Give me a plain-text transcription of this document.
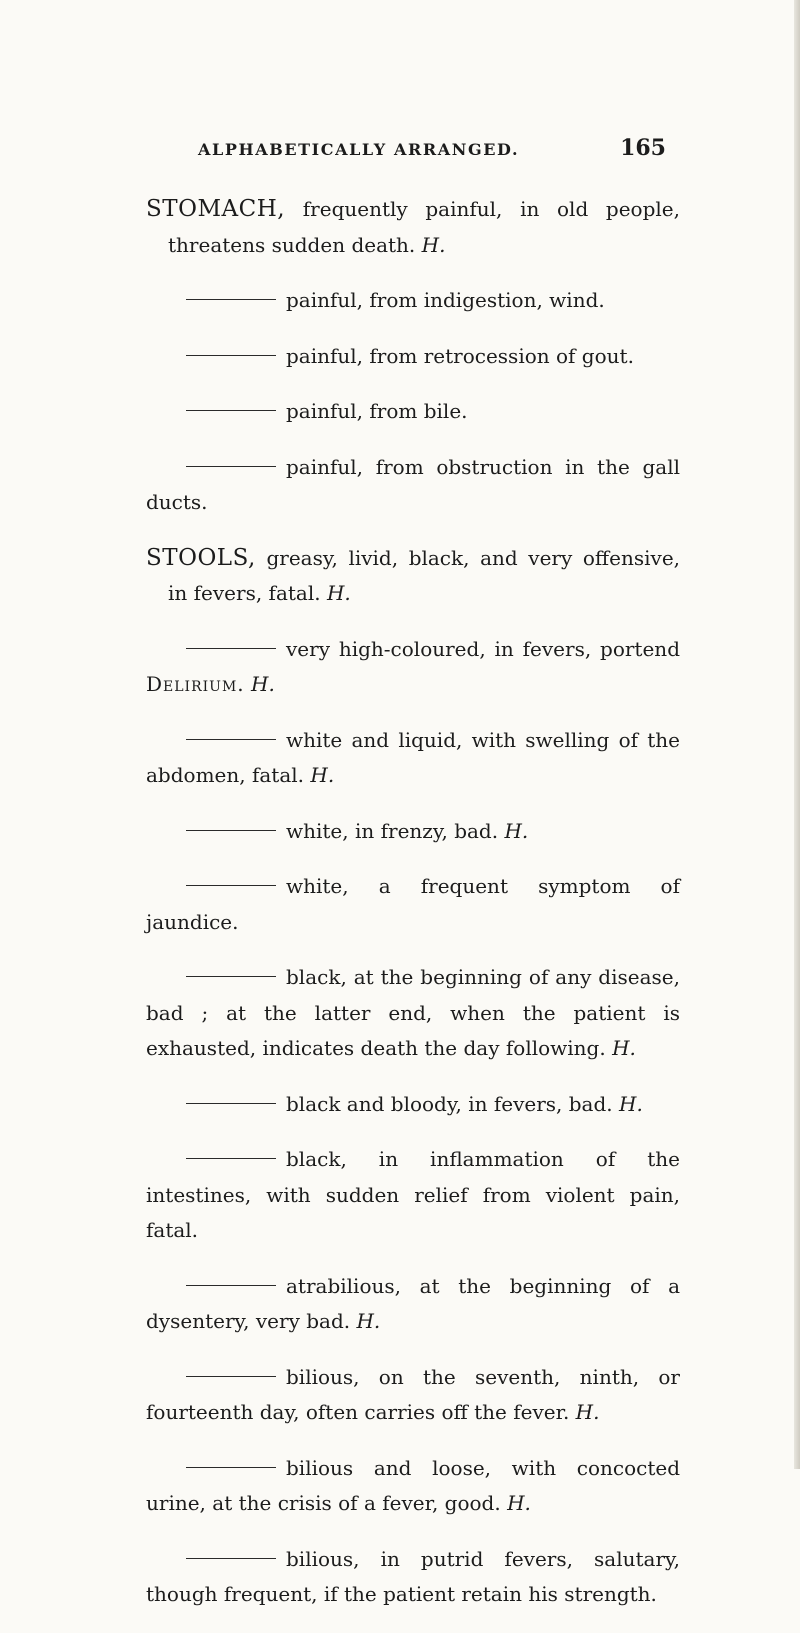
ALPHABETICALLY ARRANGED.	165

STOMACH, frequently painful, in old people, threatens sudden death. H.

painful, from indigestion, wind.

painful, from retrocession of gout.

painful, from bile.

painful, from obstruction in the gall ducts.

STOOLS, greasy, livid, black, and very offensive, in fevers, fatal. H.

very high-coloured, in fevers, portend Delirium. H.

white and liquid, with swelling of the abdomen, fatal. H.

white, in frenzy, bad. H.

white, a frequent symptom of jaundice.

black, at the beginning of any disease, bad ; at the latter end, when the patient is exhausted, indicates death the day following. H.

black and bloody, in fevers, bad. H.

black, in inflammation of the intestines, with sudden relief from violent pain, fatal.

atrabilious, at the beginning of a dysentery, very bad. H.

bilious, on the seventh, ninth, or fourteenth day, often carries off the fever. H.

bilious and loose, with concocted urine, at the crisis of a fever, good. H.

bilious, in putrid fevers, salutary, though frequent, if the patient retain his strength.
